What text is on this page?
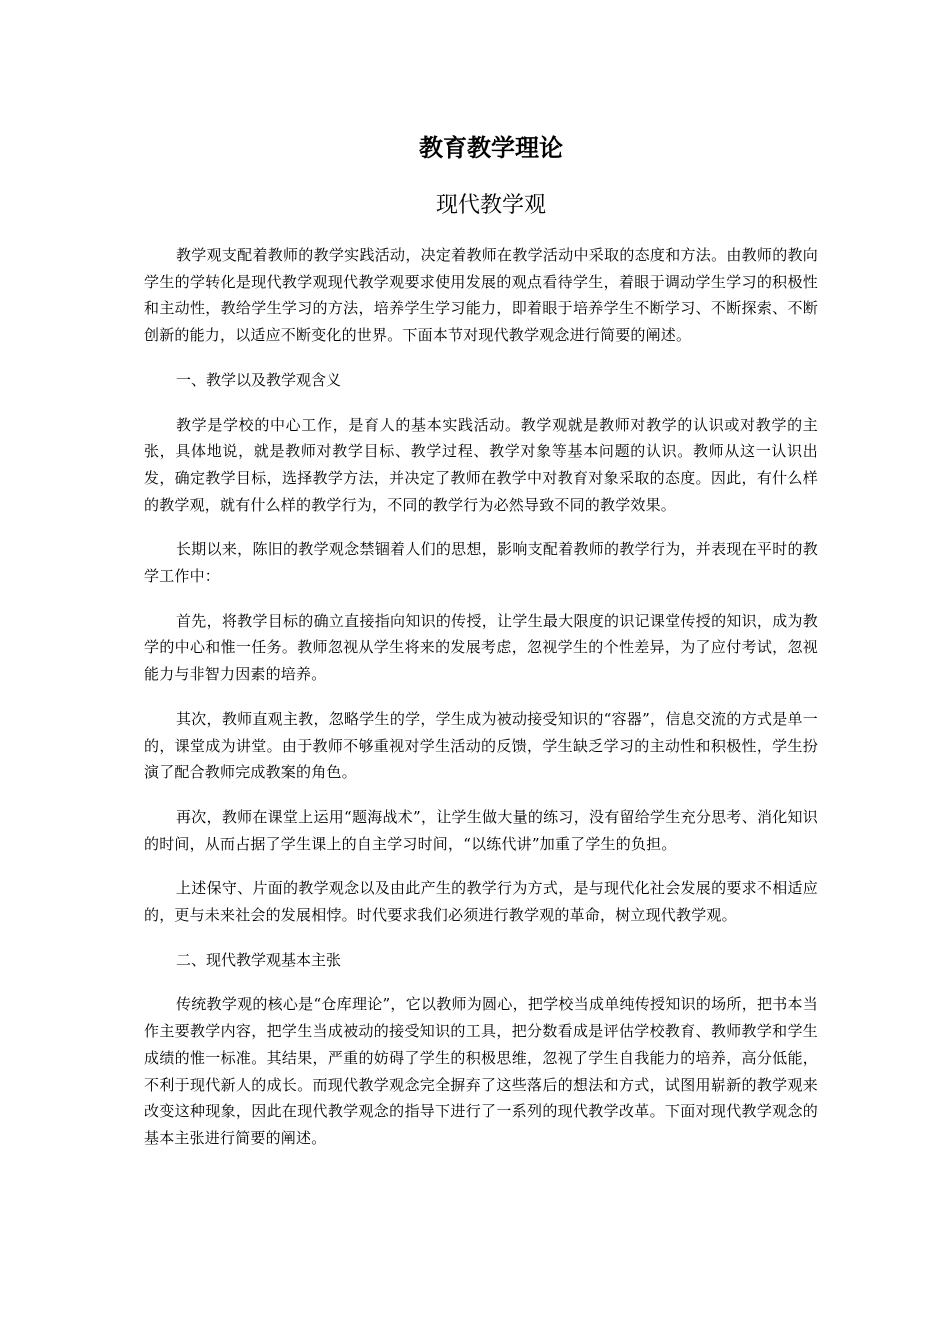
教育教学理论
现代教学观

教学观支配着教师的教学实践活动，决定着教师在教学活动中采取的态度和方法。由教师的教向学生的学转化是现代教学观现代教学观要求使用发展的观点看待学生，着眼于调动学生学习的积极性和主动性，教给学生学习的方法，培养学生学习能力，即着眼于培养学生不断学习、不断探索、不断创新的能力，以适应不断变化的世界。下面本节对现代教学观念进行简要的阐述。

一、教学以及教学观含义

教学是学校的中心工作，是育人的基本实践活动。教学观就是教师对教学的认识或对教学的主张，具体地说，就是教师对教学目标、教学过程、教学对象等基本问题的认识。教师从这一认识出发，确定教学目标，选择教学方法，并决定了教师在教学中对教育对象采取的态度。因此，有什么样的教学观，就有什么样的教学行为，不同的教学行为必然导致不同的教学效果。

长期以来，陈旧的教学观念禁锢着人们的思想，影响支配着教师的教学行为，并表现在平时的教学工作中：

首先，将教学目标的确立直接指向知识的传授，让学生最大限度的识记课堂传授的知识，成为教学的中心和惟一任务。教师忽视从学生将来的发展考虑，忽视学生的个性差异，为了应付考试，忽视能力与非智力因素的培养。

其次，教师直观主教，忽略学生的学，学生成为被动接受知识的“容器”，信息交流的方式是单一的，课堂成为讲堂。由于教师不够重视对学生活动的反馈，学生缺乏学习的主动性和积极性，学生扮演了配合教师完成教案的角色。

再次，教师在课堂上运用“题海战术”，让学生做大量的练习，没有留给学生充分思考、消化知识的时间，从而占据了学生课上的自主学习时间，“以练代讲”加重了学生的负担。

上述保守、片面的教学观念以及由此产生的教学行为方式，是与现代化社会发展的要求不相适应的，更与未来社会的发展相悖。时代要求我们必须进行教学观的革命，树立现代教学观。

二、现代教学观基本主张

传统教学观的核心是“仓库理论”，它以教师为圆心，把学校当成单纯传授知识的场所，把书本当作主要教学内容，把学生当成被动的接受知识的工具，把分数看成是评估学校教育、教师教学和学生成绩的惟一标准。其结果，严重的妨碍了学生的积极思维，忽视了学生自我能力的培养，高分低能，不利于现代新人的成长。而现代教学观念完全摒弃了这些落后的想法和方式，试图用崭新的教学观来改变这种现象，因此在现代教学观念的指导下进行了一系列的现代教学改革。下面对现代教学观念的基本主张进行简要的阐述。
